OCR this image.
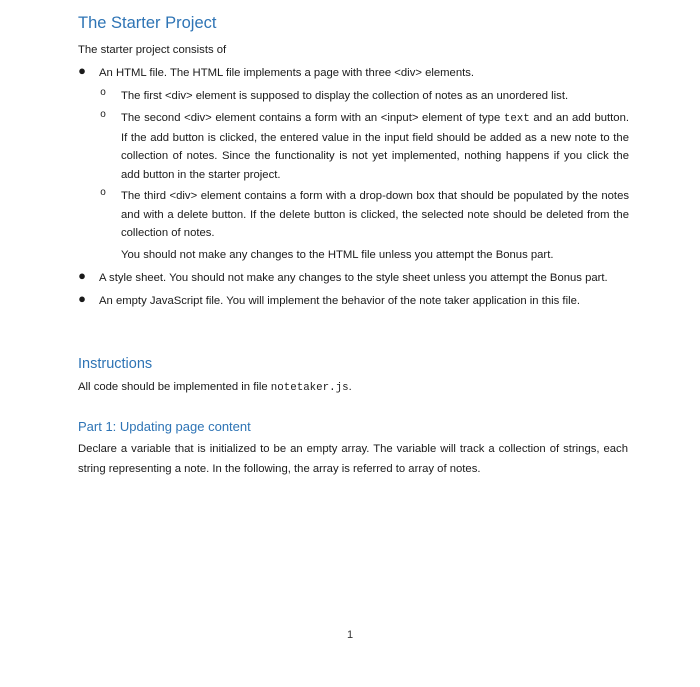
The Starter Project
The starter project consists of
● An HTML file. The HTML file implements a page with three <div> elements.
o The first <div> element is supposed to display the collection of notes as an unordered list.
o The second <div> element contains a form with an <input> element of type text and an add button. If the add button is clicked, the entered value in the input field should be added as a new note to the collection of notes. Since the functionality is not yet implemented, nothing happens if you click the add button in the starter project.
o The third <div> element contains a form with a drop-down box that should be populated by the notes and with a delete button. If the delete button is clicked, the selected note should be deleted from the collection of notes.
You should not make any changes to the HTML file unless you attempt the Bonus part.
● A style sheet. You should not make any changes to the style sheet unless you attempt the Bonus part.
● An empty JavaScript file. You will implement the behavior of the note taker application in this file.
Instructions
All code should be implemented in file notetaker.js.
Part 1: Updating page content

Declare a variable that is initialized to be an empty array. The variable will track a collection of strings, each string representing a note. In the following, the array is referred to array of notes.

1
